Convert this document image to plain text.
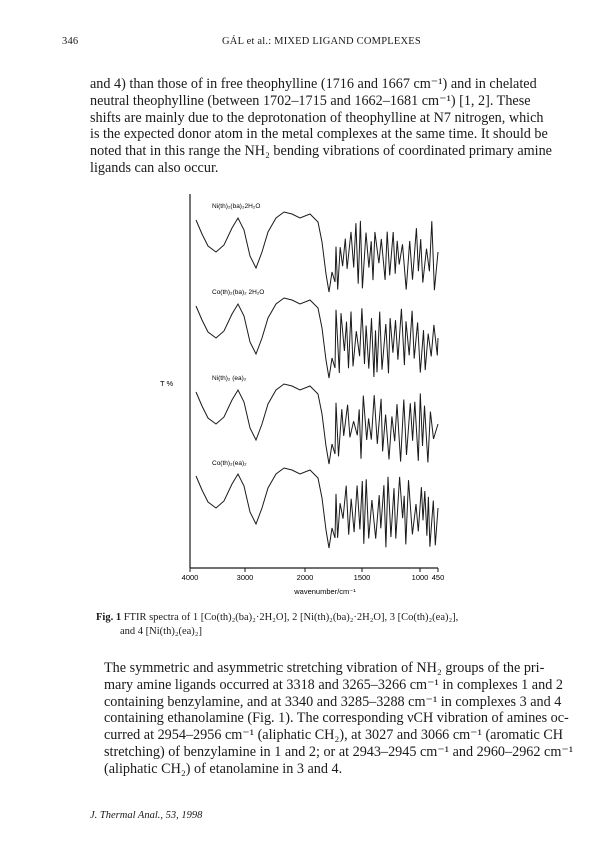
346	GÁL et al.: MIXED LIGAND COMPLEXES

and 4) than those of in free theophylline (1716 and 1667 cm⁻¹) and in chelated
neutral theophylline (between 1702–1715 and 1662–1681 cm⁻¹) [1, 2]. These
shifts are mainly due to the deprotonation of theophylline at N7 nitrogen, which
is the expected donor atom in the metal complexes at the same time. It should be
noted that in this range the NH₂ bending vibrations of coordinated primary amine
ligands can also occur.

T %
4000	3000	2000	1500	1000 450
Ni(th)₂(ba)₂2H₂O
Co(th)₂(ba)₂ 2H₂O
Ni(th)₂ (ea)₂
Co(th)₂(ea)₂
wavenumber/cm⁻¹
Fig. 1 FTIR spectra of 1 [Co(th)₂(ba)₂·2H₂O], 2 [Ni(th)₂(ba)₂·2H₂O], 3 [Co(th)₂(ea)₂],
and 4 [Ni(th)₂(ea)₂]

The symmetric and asymmetric stretching vibration of NH₂ groups of the pri-
mary amine ligands occurred at 3318 and 3265–3266 cm⁻¹ in complexes 1 and 2
containing benzylamine, and at 3340 and 3285–3288 cm⁻¹ in complexes 3 and 4
containing ethanolamine (Fig. 1). The corresponding νCH vibration of amines oc-
curred at 2954–2956 cm⁻¹ (aliphatic CH₂), at 3027 and 3066 cm⁻¹ (aromatic CH
stretching) of benzylamine in 1 and 2; or at 2943–2945 cm⁻¹ and 2960–2962 cm⁻¹
(aliphatic CH₂) of etanolamine in 3 and 4.

J. Thermal Anal., 53, 1998
